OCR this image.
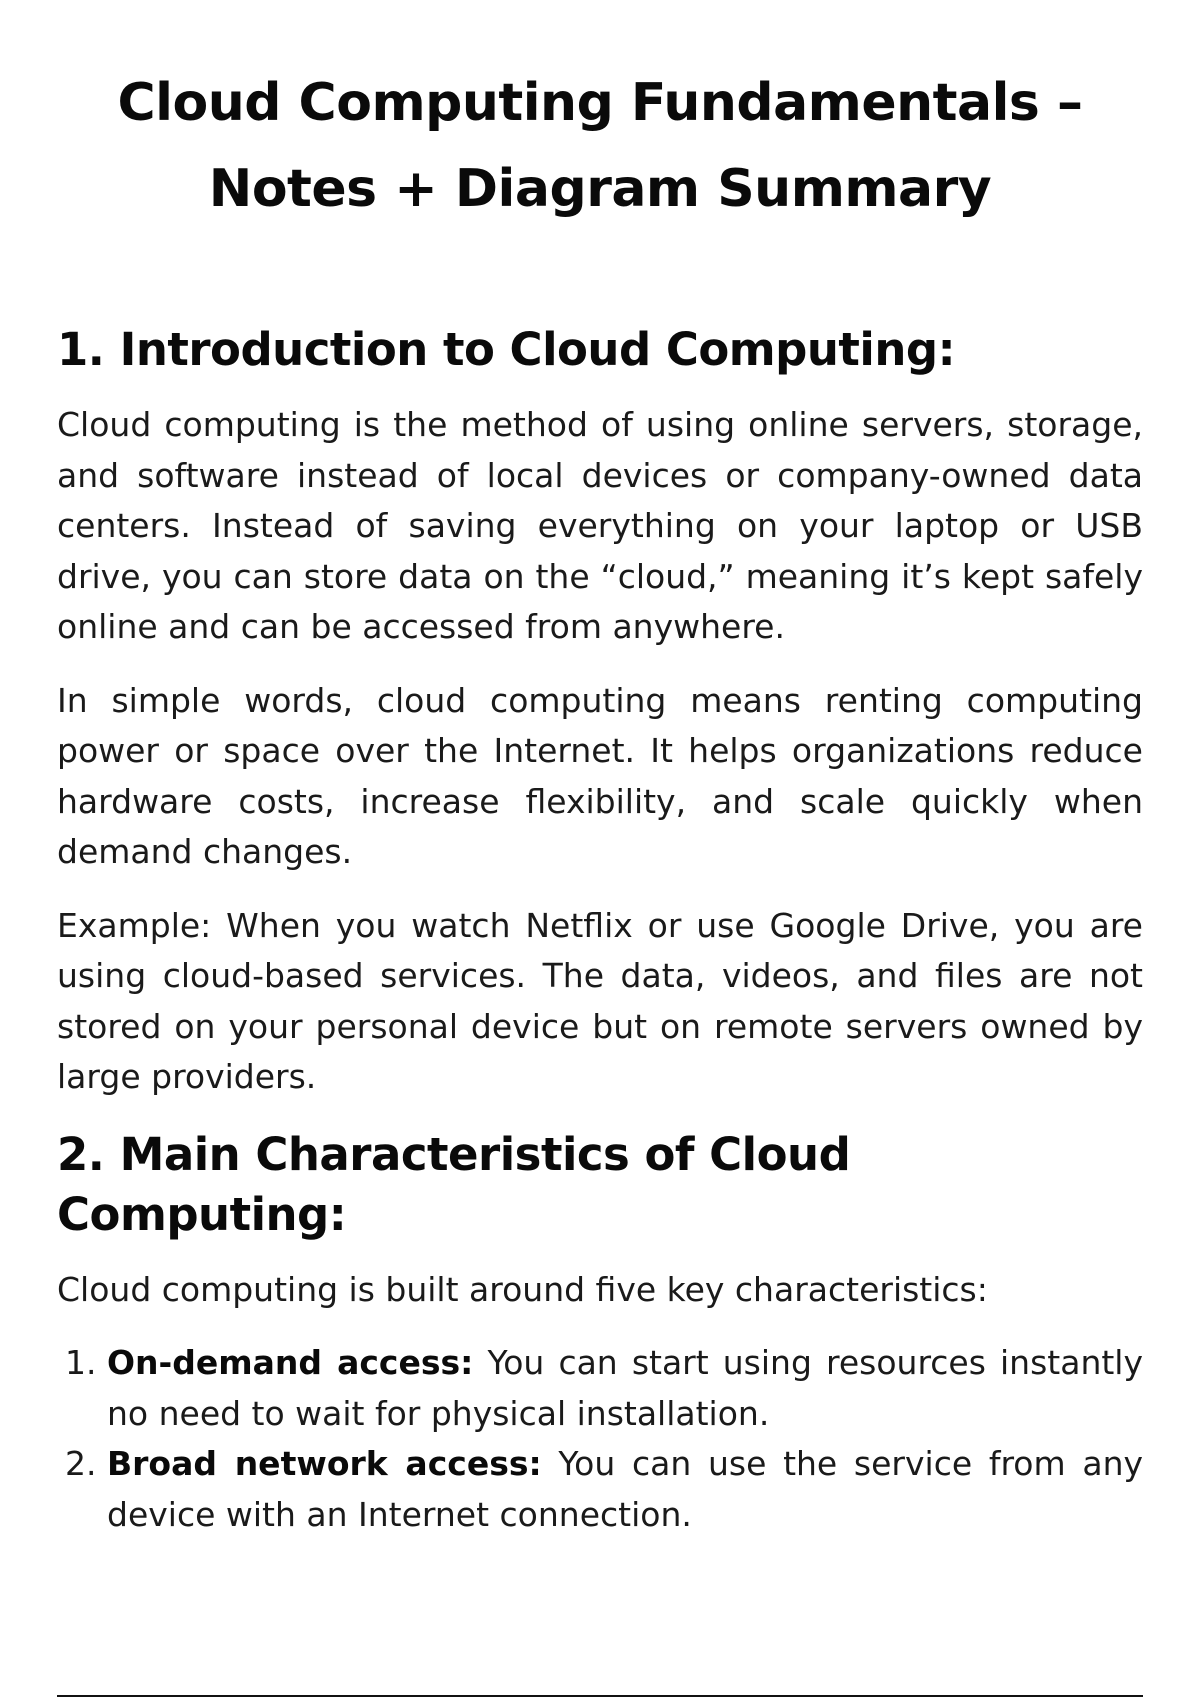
Cloud Computing Fundamentals –
Notes + Diagram Summary
1. Introduction to Cloud Computing:

Cloud computing is the method of using online servers, storage, and software instead of local devices or company-owned data centers. Instead of saving everything on your laptop or USB drive, you can store data on the “cloud,” meaning it’s kept safely online and can be accessed from anywhere.

In simple words, cloud computing means renting computing power or space over the Internet. It helps organizations reduce hardware costs, increase flexibility, and scale quickly when demand changes.

Example: When you watch Netflix or use Google Drive, you are using cloud-based services. The data, videos, and files are not stored on your personal device but on remote servers owned by large providers.

2. Main Characteristics of Cloud Computing:

Cloud computing is built around five key characteristics:

1. On-demand access: You can start using resources instantly no need to wait for physical installation.
2. Broad network access: You can use the service from any device with an Internet connection.
